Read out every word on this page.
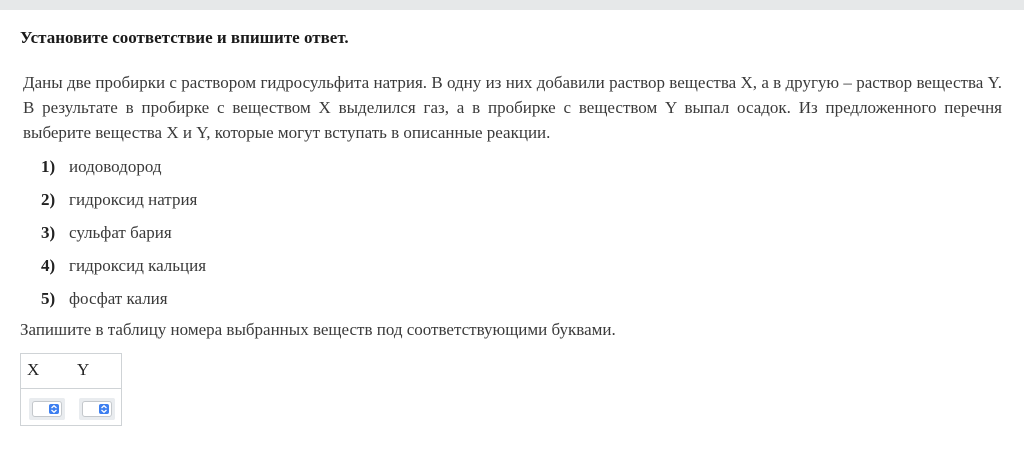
Установите соответствие и впишите ответ.

Даны две пробирки с раствором гидросульфита натрия. В одну из них добавили раствор вещества X, а в другую – раствор вещества Y. В результате в пробирке с веществом X выделился газ, а в пробирке с веществом Y выпал осадок. Из предложенного перечня выберите вещества X и Y, которые могут вступать в описанные реакции.

1) иодоводород
2) гидроксид натрия
3) сульфат бария
4) гидроксид кальция
5) фосфат калия

Запишите в таблицу номера выбранных веществ под соответствующими буквами.

X Y
